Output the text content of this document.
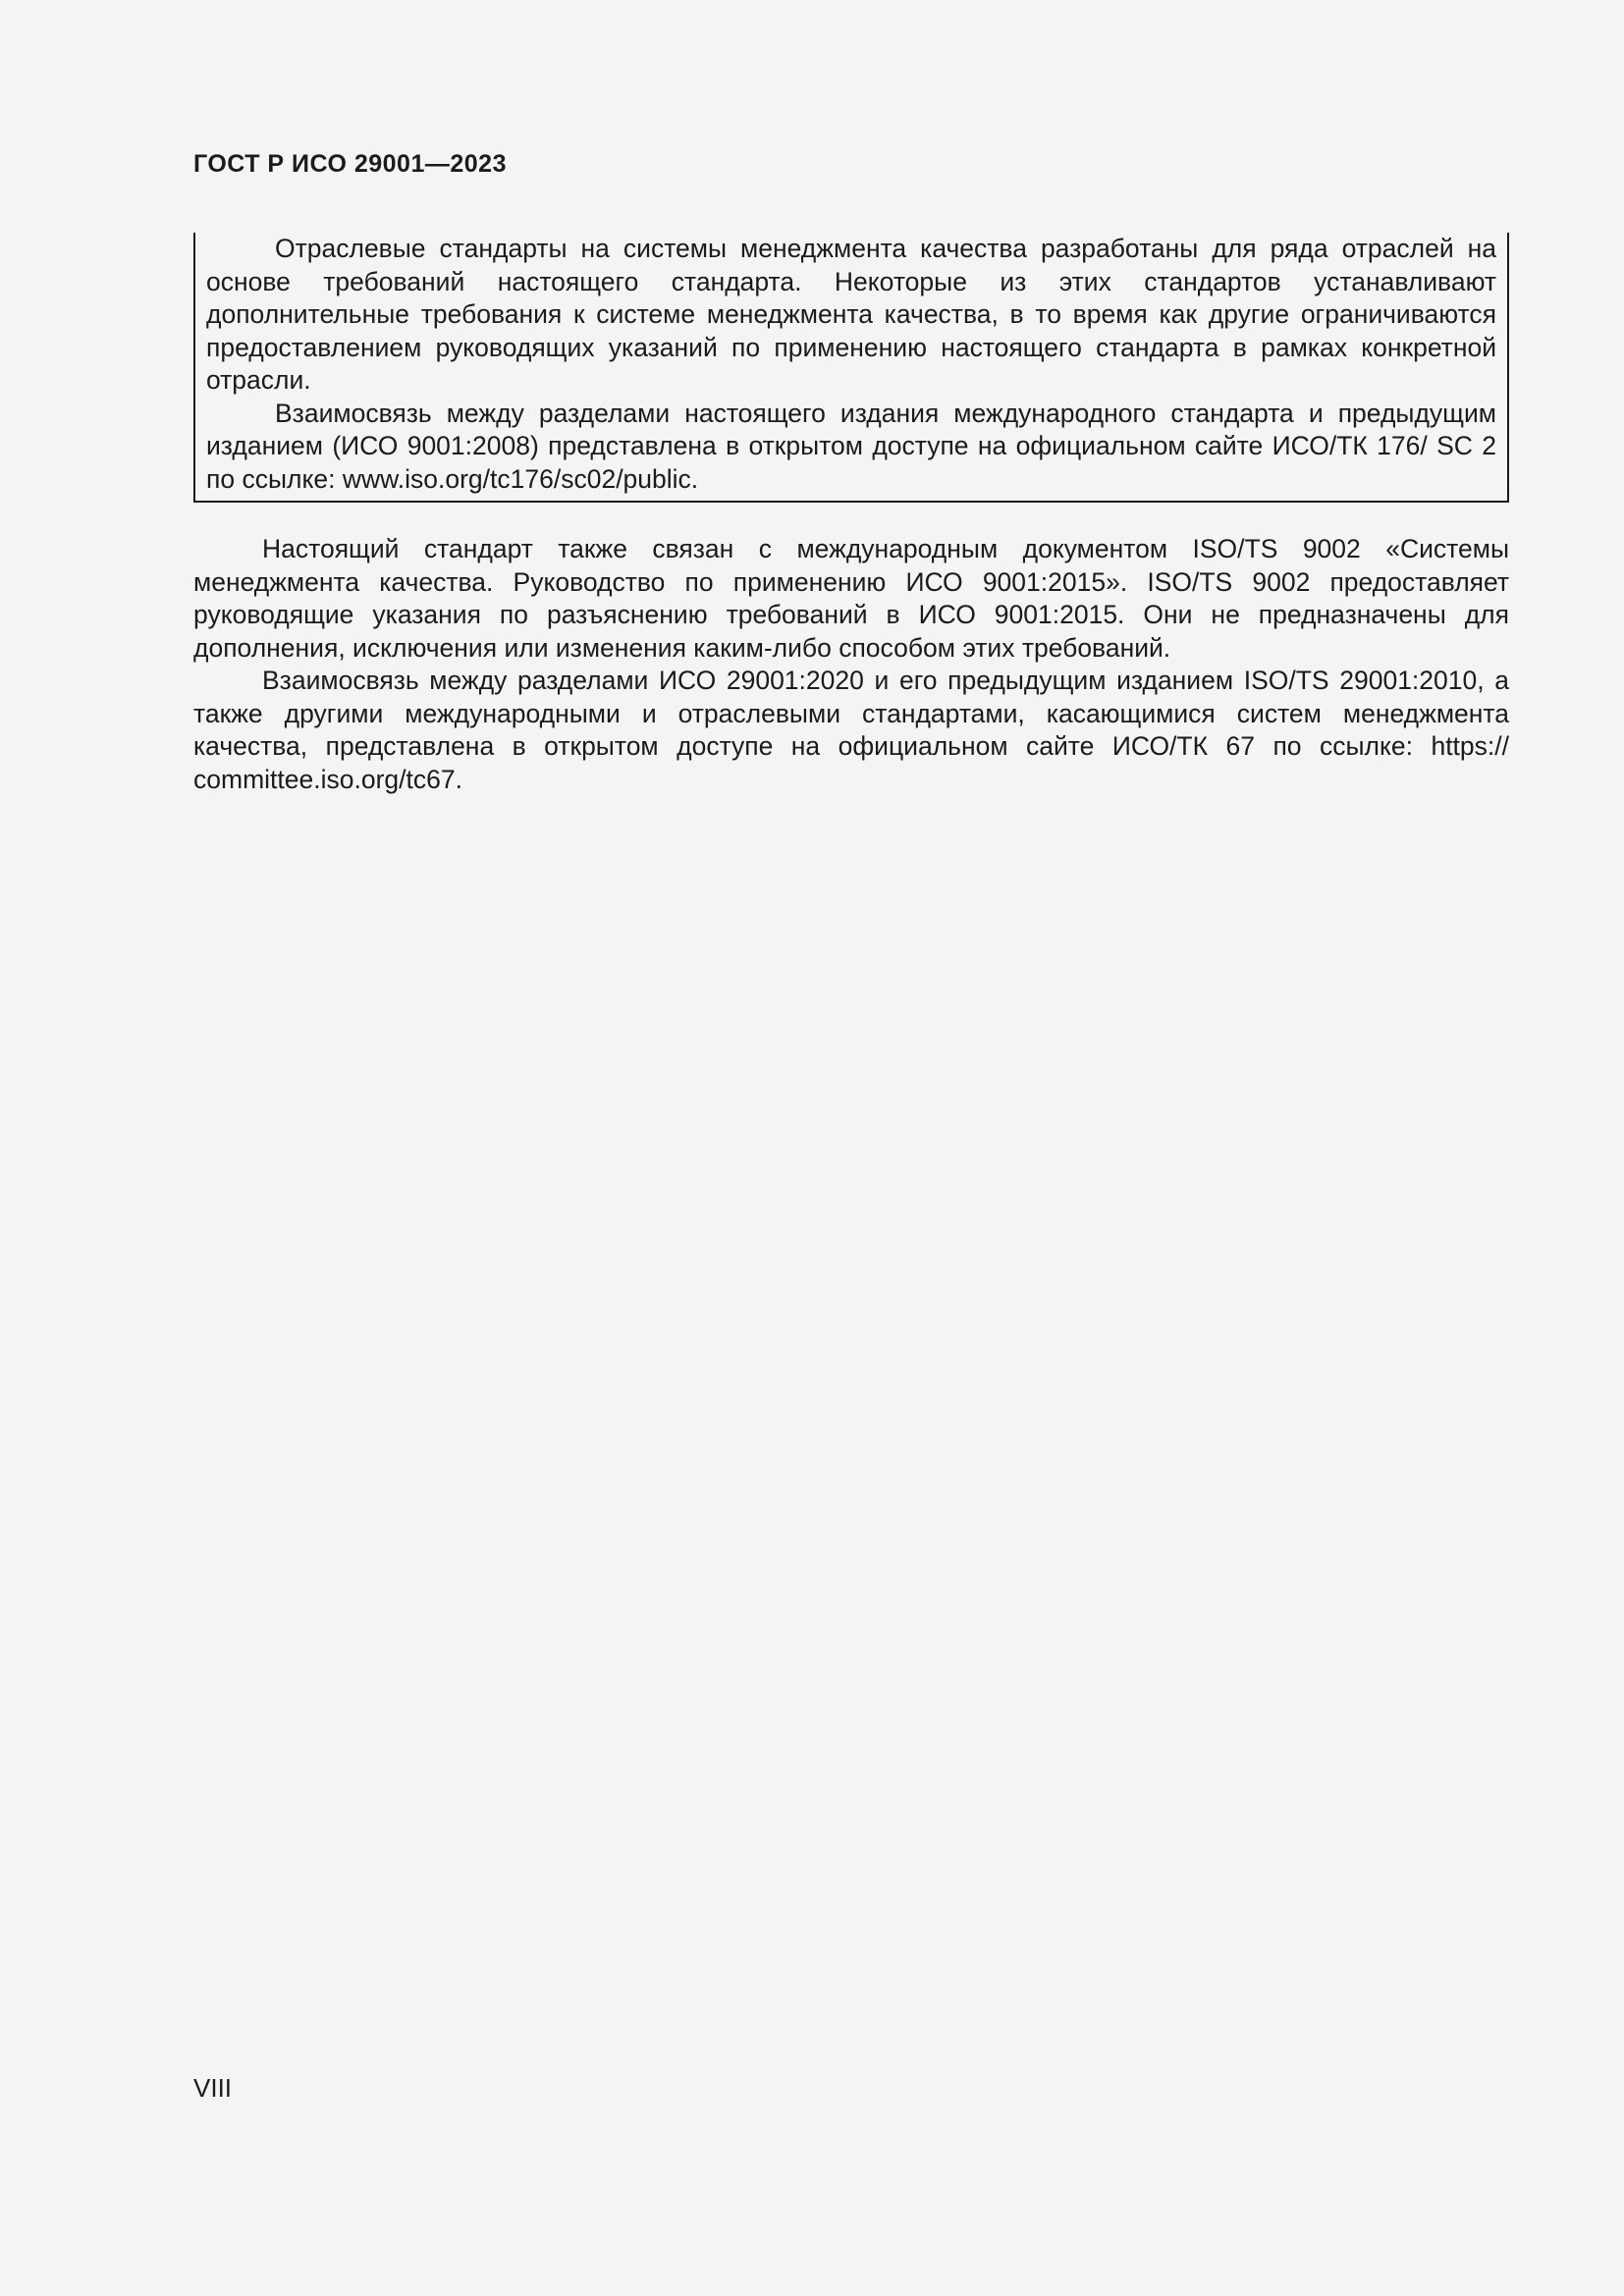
ГОСТ Р ИСО 29001—2023

Отраслевые стандарты на системы менеджмента качества разработаны для ряда отраслей на основе требований настоящего стандарта. Некоторые из этих стандартов устанавливают дополнительные требования к системе менеджмента качества, в то время как другие ограничиваются предоставлением руководящих указаний по применению настоящего стандарта в рамках конкретной отрасли.

Взаимосвязь между разделами настоящего издания международного стандарта и предыдущим изданием (ИСО 9001:2008) представлена в открытом доступе на официальном сайте ИСО/ТК 176/ SC 2 по ссылке: www.iso.org/tc176/sc02/public.

Настоящий стандарт также связан с международным документом ISO/TS 9002 «Системы менеджмента качества. Руководство по применению ИСО 9001:2015». ISO/TS 9002 предоставляет руководящие указания по разъяснению требований в ИСО 9001:2015. Они не предназначены для дополнения, исключения или изменения каким-либо способом этих требований.

Взаимосвязь между разделами ИСО 29001:2020 и его предыдущим изданием ISO/TS 29001:2010, а также другими международными и отраслевыми стандартами, касающимися систем менеджмента качества, представлена в открытом доступе на официальном сайте ИСО/ТК 67 по ссылке: https:// committee.iso.org/tc67.

VIII
